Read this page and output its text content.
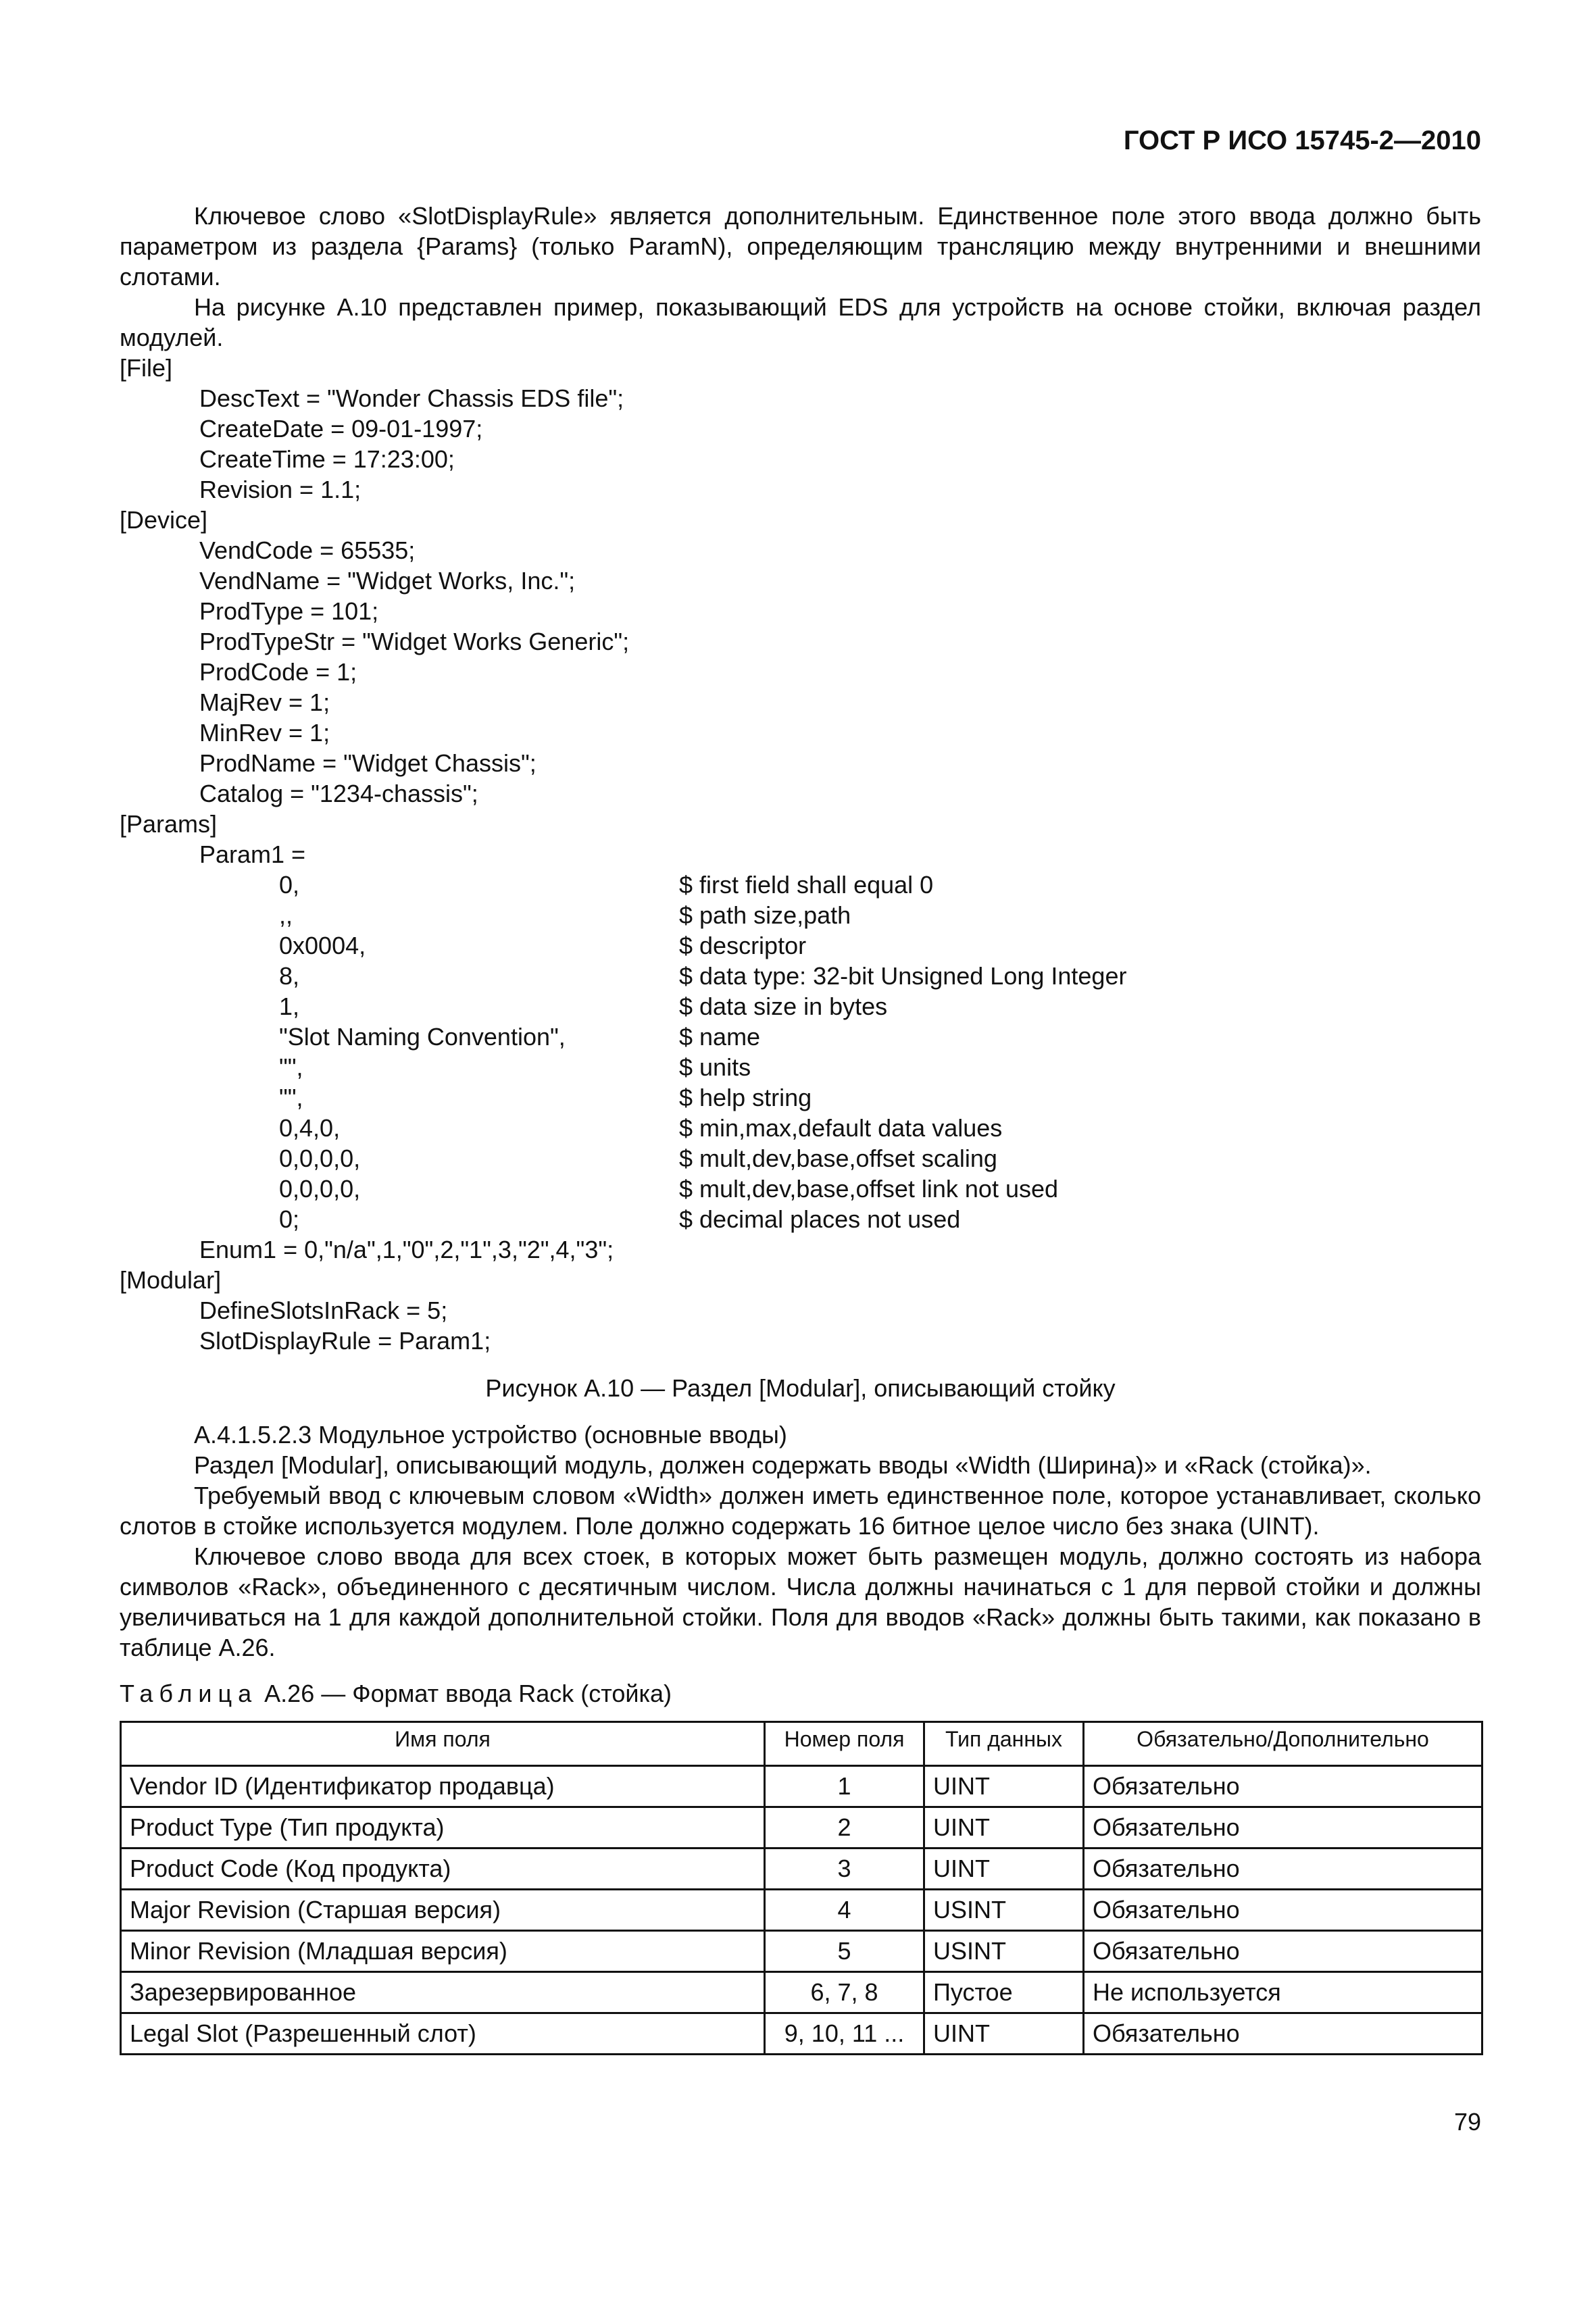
ГОСТ Р ИСО 15745-2—2010

Ключевое слово «SlotDisplayRule» является дополнительным. Единственное поле этого ввода должно быть параметром из раздела {Params} (только ParamN), определяющим трансляцию между внутренними и внешними слотами.

На рисунке А.10 представлен пример, показывающий EDS для устройств на основе стойки, включая раздел модулей.

[File]
DescText = "Wonder Chassis EDS file";
CreateDate = 09-01-1997;
CreateTime = 17:23:00;
Revision = 1.1;
[Device]
VendCode = 65535;
VendName = "Widget Works, Inc.";
ProdType = 101;
ProdTypeStr = "Widget Works Generic";
ProdCode = 1;
MajRev = 1;
MinRev = 1;
ProdName = "Widget Chassis";
Catalog = "1234-chassis";
[Params]
Param1 =
0,	$ first field shall equal 0
,,	$ path size,path
0x0004,	$ descriptor
8,	$ data type: 32-bit Unsigned Long Integer
1,	$ data size in bytes
"Slot Naming Convention",	$ name
"",	$ units
"",	$ help string
0,4,0,	$ min,max,default data values
0,0,0,0,	$ mult,dev,base,offset scaling
0,0,0,0,	$ mult,dev,base,offset link not used
0;	$ decimal places not used
Enum1 = 0,"n/a",1,"0",2,"1",3,"2",4,"3";
[Modular]
DefineSlotsInRack = 5;
SlotDisplayRule = Param1;
Рисунок А.10 — Раздел [Modular], описывающий стойку
А.4.1.5.2.3 Модульное устройство (основные вводы)

Раздел [Modular], описывающий модуль, должен содержать вводы «Width (Ширина)» и «Rack (стойка)».

Требуемый ввод с ключевым словом «Width» должен иметь единственное поле, которое устанавливает, сколько слотов в стойке используется модулем. Поле должно содержать 16 битное целое число без знака (UINT).

Ключевое слово ввода для всех стоек, в которых может быть размещен модуль, должно состоять из набора символов «Rack», объединенного с десятичным числом. Числа должны начинаться с 1 для первой стойки и должны увеличиваться на 1 для каждой дополнительной стойки. Поля для вводов «Rack» должны быть такими, как показано в таблице А.26.

Таблица А.26 — Формат ввода Rack (стойка)
Имя поля	Номер поля	Тип данных	Обязательно/Дополнительно

Vendor ID (Идентификатор продавца)	1	UINT	Обязательно
Product Type (Тип продукта)	2	UINT	Обязательно
Product Code (Код продукта)	3	UINT	Обязательно
Major Revision (Старшая версия)	4	USINT	Обязательно
Minor Revision (Младшая версия)	5	USINT	Обязательно
Зарезервированное	6, 7, 8	Пустое	Не используется
Legal Slot (Разрешенный слот)	9, 10, 11 ...	UINT	Обязательно
79
